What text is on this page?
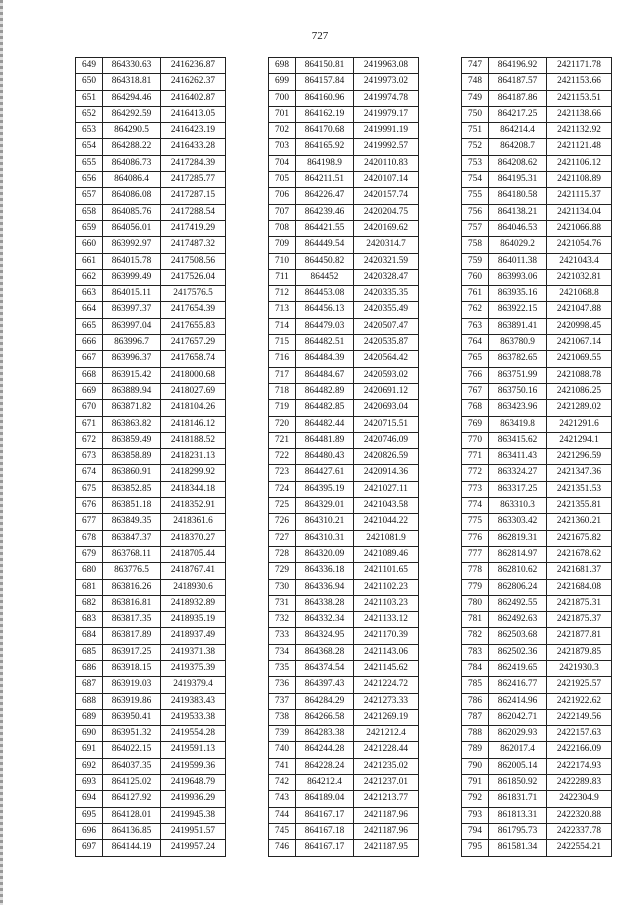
727
649	864330.63	2416236.87
650	864318.81	2416262.37
651	864294.46	2416402.87
652	864292.59	2416413.05
653	864290.5	2416423.19
654	864288.22	2416433.28
655	864086.73	2417284.39
656	864086.4	2417285.77
657	864086.08	2417287.15
658	864085.76	2417288.54
659	864056.01	2417419.29
660	863992.97	2417487.32
661	864015.78	2417508.56
662	863999.49	2417526.04
663	864015.11	2417576.5
664	863997.37	2417654.39
665	863997.04	2417655.83
666	863996.7	2417657.29
667	863996.37	2417658.74
668	863915.42	2418000.68
669	863889.94	2418027.69
670	863871.82	2418104.26
671	863863.82	2418146.12
672	863859.49	2418188.52
673	863858.89	2418231.13
674	863860.91	2418299.92
675	863852.85	2418344.18
676	863851.18	2418352.91
677	863849.35	2418361.6
678	863847.37	2418370.27
679	863768.11	2418705.44
680	863776.5	2418767.41
681	863816.26	2418930.6
682	863816.81	2418932.89
683	863817.35	2418935.19
684	863817.89	2418937.49
685	863917.25	2419371.38
686	863918.15	2419375.39
687	863919.03	2419379.4
688	863919.86	2419383.43
689	863950.41	2419533.38
690	863951.32	2419554.28
691	864022.15	2419591.13
692	864037.35	2419599.36
693	864125.02	2419648.79
694	864127.92	2419936.29
695	864128.01	2419945.38
696	864136.85	2419951.57
697	864144.19	2419957.24
698	864150.81	2419963.08
699	864157.84	2419973.02
700	864160.96	2419974.78
701	864162.19	2419979.17
702	864170.68	2419991.19
703	864165.92	2419992.57
704	864198.9	2420110.83
705	864211.51	2420107.14
706	864226.47	2420157.74
707	864239.46	2420204.75
708	864421.55	2420169.62
709	864449.54	2420314.7
710	864450.82	2420321.59
711	864452	2420328.47
712	864453.08	2420335.35
713	864456.13	2420355.49
714	864479.03	2420507.47
715	864482.51	2420535.87
716	864484.39	2420564.42
717	864484.67	2420593.02
718	864482.89	2420691.12
719	864482.85	2420693.04
720	864482.44	2420715.51
721	864481.89	2420746.09
722	864480.43	2420826.59
723	864427.61	2420914.36
724	864395.19	2421027.11
725	864329.01	2421043.58
726	864310.21	2421044.22
727	864310.31	2421081.9
728	864320.09	2421089.46
729	864336.18	2421101.65
730	864336.94	2421102.23
731	864338.28	2421103.23
732	864332.34	2421133.12
733	864324.95	2421170.39
734	864368.28	2421143.06
735	864374.54	2421145.62
736	864397.43	2421224.72
737	864284.29	2421273.33
738	864266.58	2421269.19
739	864283.38	2421212.4
740	864244.28	2421228.44
741	864228.24	2421235.02
742	864212.4	2421237.01
743	864189.04	2421213.77
744	864167.17	2421187.96
745	864167.18	2421187.96
746	864167.17	2421187.95
747	864196.92	2421171.78
748	864187.57	2421153.66
749	864187.86	2421153.51
750	864217.25	2421138.66
751	864214.4	2421132.92
752	864208.7	2421121.48
753	864208.62	2421106.12
754	864195.31	2421108.89
755	864180.58	2421115.37
756	864138.21	2421134.04
757	864046.53	2421066.88
758	864029.2	2421054.76
759	864011.38	2421043.4
760	863993.06	2421032.81
761	863935.16	2421068.8
762	863922.15	2421047.88
763	863891.41	2420998.45
764	863780.9	2421067.14
765	863782.65	2421069.55
766	863751.99	2421088.78
767	863750.16	2421086.25
768	863423.96	2421289.02
769	863419.8	2421291.6
770	863415.62	2421294.1
771	863411.43	2421296.59
772	863324.27	2421347.36
773	863317.25	2421351.53
774	863310.3	2421355.81
775	863303.42	2421360.21
776	862819.31	2421675.82
777	862814.97	2421678.62
778	862810.62	2421681.37
779	862806.24	2421684.08
780	862492.55	2421875.31
781	862492.63	2421875.37
782	862503.68	2421877.81
783	862502.36	2421879.85
784	862419.65	2421930.3
785	862416.77	2421925.57
786	862414.96	2421922.62
787	862042.71	2422149.56
788	862029.93	2422157.63
789	862017.4	2422166.09
790	862005.14	2422174.93
791	861850.92	2422289.83
792	861831.71	2422304.9
793	861813.31	2422320.88
794	861795.73	2422337.78
795	861581.34	2422554.21
